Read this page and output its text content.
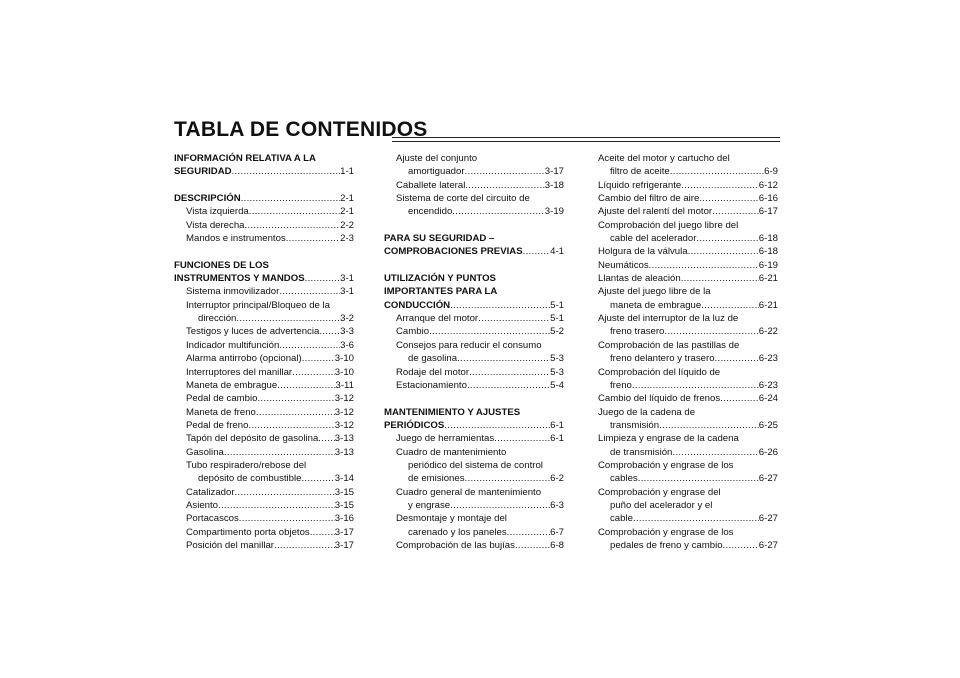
TABLA DE CONTENIDOS
INFORMACIÓN RELATIVA A LA
SEGURIDAD .....	1-1
DESCRIPCIÓN .....	2-1
Vista izquierda .....	2-1
Vista derecha .....	2-2
Mandos e instrumentos .....	2-3
FUNCIONES DE LOS
INSTRUMENTOS Y MANDOS .....	3-1
Sistema inmovilizador .....	3-1
Interruptor principal/Bloqueo de la
dirección .....	3-2
Testigos y luces de advertencia ..... 3-3
Indicador multifunción .....	3-6
Alarma antirrobo (opcional) .....	3-10
Interruptores del manillar .....	3-10
Maneta de embrague .....	3-11
Pedal de cambio .....	3-12
Maneta de freno .....	3-12
Pedal de freno .....	3-12
Tapón del depósito de gasolina ..... 3-13
Gasolina .....	3-13
Tubo respiradero/rebose del
depósito de combustible .....	3-14
Catalizador .....	3-15
Asiento .....	3-15
Portacascos .....	3-16
Compartimento porta objetos .....	3-17
Posición del manillar .....	3-17
Ajuste del conjunto
amortiguador .....	3-17
Caballete lateral .....	3-18
Sistema de corte del circuito de
encendido .....	3-19
PARA SU SEGURIDAD –
COMPROBACIONES PREVIAS .....	4-1
UTILIZACIÓN Y PUNTOS
IMPORTANTES PARA LA
CONDUCCIÓN .....	5-1
Arranque del motor .....	5-1
Cambio .....	5-2
Consejos para reducir el consumo
de gasolina .....	5-3
Rodaje del motor .....	5-3
Estacionamiento .....	5-4
MANTENIMIENTO Y AJUSTES
PERIÓDICOS .....	6-1
Juego de herramientas .....	6-1
Cuadro de mantenimiento
periódico del sistema de control
de emisiones .....	6-2
Cuadro general de mantenimiento
y engrase .....	6-3
Desmontaje y montaje del
carenado y los paneles .....	6-7
Comprobación de las bujías .....	6-8
Aceite del motor y cartucho del
filtro de aceite .....	6-9
Líquido refrigerante .....	6-12
Cambio del filtro de aire .....	6-16
Ajuste del ralentí del motor .....	6-17
Comprobación del juego libre del
cable del acelerador .....	6-18
Holgura de la válvula .....	6-18
Neumáticos .....	6-19
Llantas de aleación .....	6-21
Ajuste del juego libre de la
maneta de embrague .....	6-21
Ajuste del interruptor de la luz de
freno trasero .....	6-22
Comprobación de las pastillas de
freno delantero y trasero .....	6-23
Comprobación del líquido de
freno .....	6-23
Cambio del líquido de frenos .....	6-24
Juego de la cadena de
transmisión .....	6-25
Limpieza y engrase de la cadena
de transmisión .....	6-26
Comprobación y engrase de los
cables .....	6-27
Comprobación y engrase del
puño del acelerador y el
cable .....	6-27
Comprobación y engrase de los
pedales de freno y cambio .....	6-27
